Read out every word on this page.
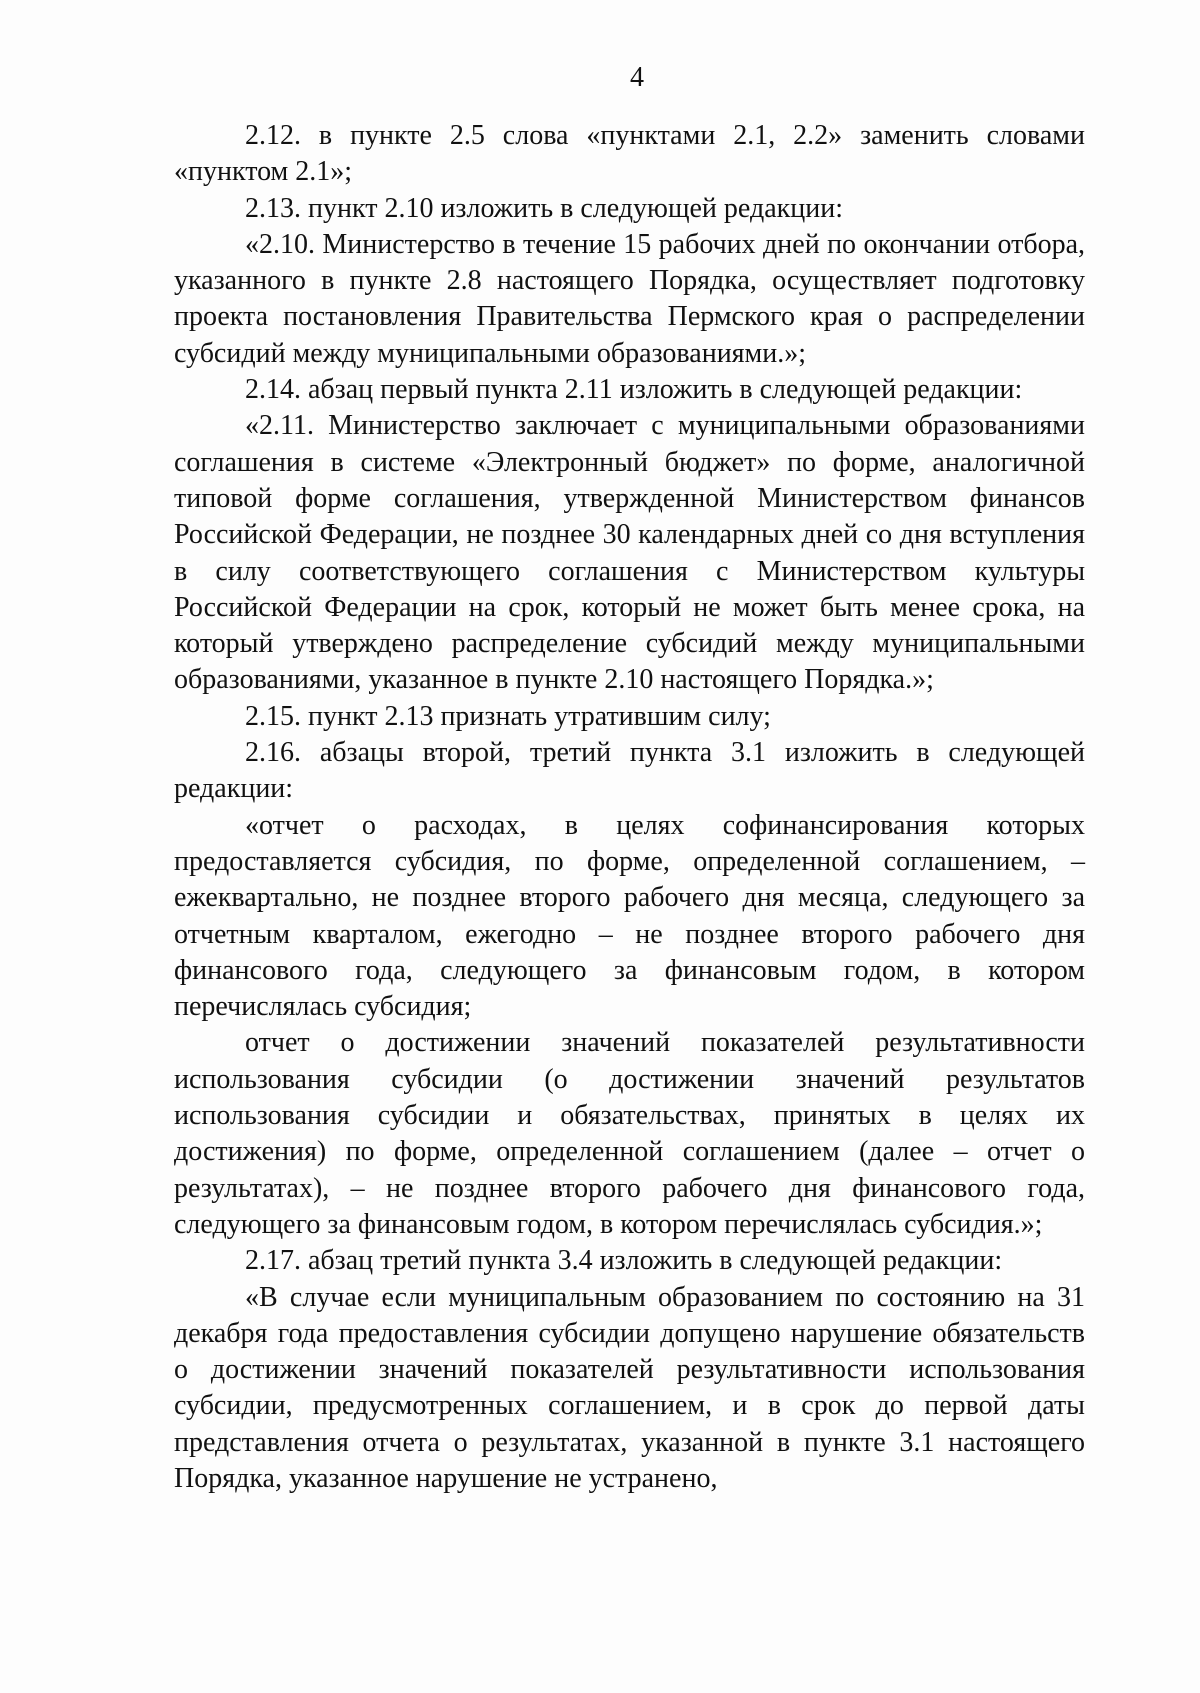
4

2.12. в пункте 2.5 слова «пунктами 2.1, 2.2» заменить словами «пунктом 2.1»;

2.13. пункт 2.10 изложить в следующей редакции:

«2.10. Министерство в течение 15 рабочих дней по окончании отбора, указанного в пункте 2.8 настоящего Порядка, осуществляет подготовку проекта постановления Правительства Пермского края о распределении субсидий между муниципальными образованиями.»;

2.14. абзац первый пункта 2.11 изложить в следующей редакции:

«2.11. Министерство заключает с муниципальными образованиями соглашения в системе «Электронный бюджет» по форме, аналогичной типовой форме соглашения, утвержденной Министерством финансов Российской Федерации, не позднее 30 календарных дней со дня вступления в силу соответствующего соглашения с Министерством культуры Российской Федерации на срок, который не может быть менее срока, на который утверждено распределение субсидий между муниципальными образованиями, указанное в пункте 2.10 настоящего Порядка.»;

2.15. пункт 2.13 признать утратившим силу;

2.16. абзацы второй, третий пункта 3.1 изложить в следующей редакции:

«отчет о расходах, в целях софинансирования которых предоставляется субсидия, по форме, определенной соглашением, – ежеквартально, не позднее второго рабочего дня месяца, следующего за отчетным кварталом, ежегодно – не позднее второго рабочего дня финансового года, следующего за финансовым годом, в котором перечислялась субсидия;

отчет о достижении значений показателей результативности использования субсидии (о достижении значений результатов использования субсидии и обязательствах, принятых в целях их достижения) по форме, определенной соглашением (далее – отчет о результатах), – не позднее второго рабочего дня финансового года, следующего за финансовым годом, в котором перечислялась субсидия.»;

2.17. абзац третий пункта 3.4 изложить в следующей редакции:

«В случае если муниципальным образованием по состоянию на 31 декабря года предоставления субсидии допущено нарушение обязательств о достижении значений показателей результативности использования субсидии, предусмотренных соглашением, и в срок до первой даты представления отчета о результатах, указанной в пункте 3.1 настоящего Порядка, указанное нарушение не устранено,
